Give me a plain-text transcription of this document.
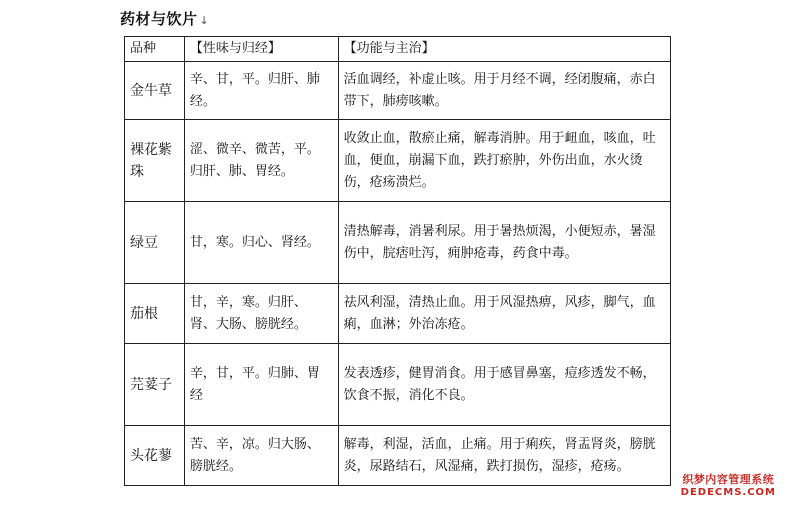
药材与饮片 ↓
品种	【性味与归经】	【功能与主治】
金牛草	辛、甘，平。归肝、肺经。	活血调经，补虚止咳。用于月经不调，经闭腹痛，赤白带下，肺痨咳嗽。
裸花紫珠	涩、微辛、微苦，平。归肝、肺、胃经。	收敛止血，散瘀止痛，解毒消肿。用于衄血，咳血，吐血，便血，崩漏下血，跌打瘀肿，外伤出血，水火烫伤，疮疡溃烂。
绿豆	甘，寒。归心、肾经。	清热解毒，消暑利尿。用于暑热烦渴，小便短赤，暑湿伤中，脘痞吐泻，痈肿疮毒，药食中毒。
茄根	甘，辛，寒。归肝、肾、大肠、膀胱经。	祛风利湿，清热止血。用于风湿热痹，风疹，脚气，血痢，血淋；外治冻疮。
芫荽子	辛，甘，平。归肺、胃经	发表透疹，健胃消食。用于感冒鼻塞，痘疹透发不畅，饮食不振，消化不良。
头花蓼	苦、辛，凉。归大肠、膀胱经。	解毒，利湿，活血，止痛。用于痢疾，肾盂肾炎，膀胱炎，尿路结石，风湿痛，跌打损伤，湿疹，疮疡。
织梦内容管理系统
DEDECMS.COM
